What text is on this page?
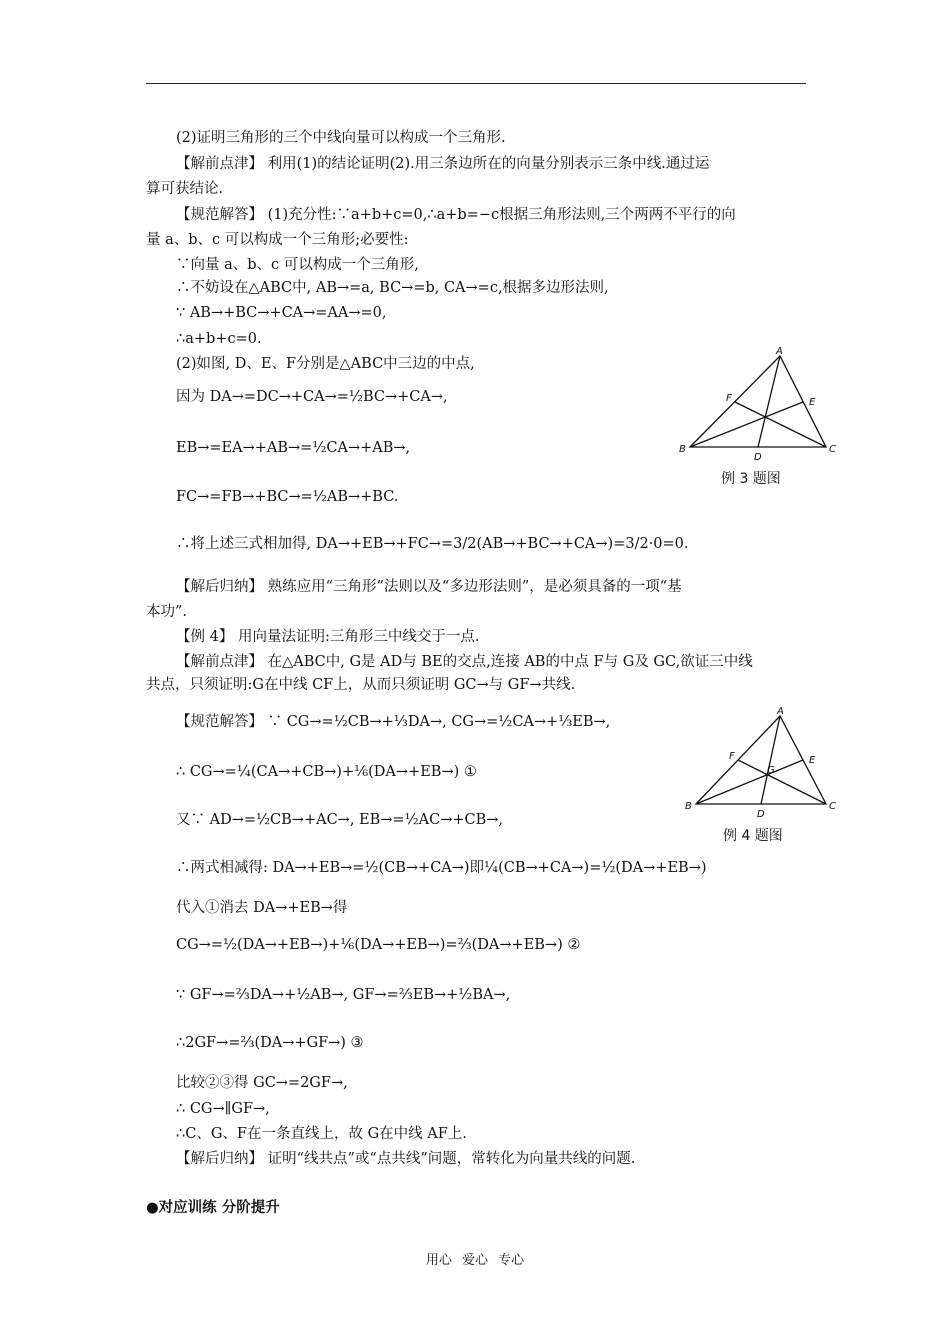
(2)证明三角形的三个中线向量可以构成一个三角形.
【解前点津】 利用(1)的结论证明(2).用三条边所在的向量分别表示三条中线.通过运
算可获结论.
【规范解答】 (1)充分性:∵a+b+c=0,∴a+b=−c根据三角形法则,三个两两不平行的向
量 a、b、c 可以构成一个三角形;必要性:
∵向量 a、b、c 可以构成一个三角形,
∴不妨设在△ABC中, AB→=a, BC→=b, CA→=c,根据多边形法则,
∵ AB→+BC→+CA→=AA→=0,
∴a+b+c=0.
(2)如图, D、E、F分别是△ABC中三边的中点,
因为 DA→=DC→+CA→=½BC→+CA→,
EB→=EA→+AB→=½CA→+AB→,
FC→=FB→+BC→=½AB→+BC.
∴将上述三式相加得, DA→+EB→+FC→=3/2(AB→+BC→+CA→)=3/2·0=0.
【解后归纳】 熟练应用“三角形”法则以及“多边形法则”，是必须具备的一项“基
本功”.
【例 4】 用向量法证明:三角形三中线交于一点.
【解前点津】 在△ABC中, G是 AD与 BE的交点,连接 AB的中点 F与 G及 GC,欲证三中线
共点，只须证明:G在中线 CF上，从而只须证明 GC→与 GF→共线.
【规范解答】 ∵ CG→=½CB→+⅓DA→, CG→=½CA→+⅓EB→,
∴ CG→=¼(CA→+CB→)+⅙(DA→+EB→) ①
又∵ AD→=½CB→+AC→, EB→=½AC→+CB→,
∴两式相减得: DA→+EB→=½(CB→+CA→)即¼(CB→+CA→)=½(DA→+EB→)
代入①消去 DA→+EB→得
CG→=½(DA→+EB→)+⅙(DA→+EB→)=⅔(DA→+EB→) ②
∵ GF→=⅔DA→+½AB→, GF→=⅔EB→+½BA→,
∴2GF→=⅔(DA→+GF→) ③
比较②③得 GC→=2GF→,
∴ CG→∥GF→,
∴C、G、F在一条直线上，故 G在中线 AF上.
【解后归纳】 证明“线共点”或“点共线”问题，常转化为向量共线的问题.
●对应训练 分阶提升
A
B	C
D
E
F
例 3 题图
A
B	C
D
E
F
G
例 4 题图
用心 爱心 专心
